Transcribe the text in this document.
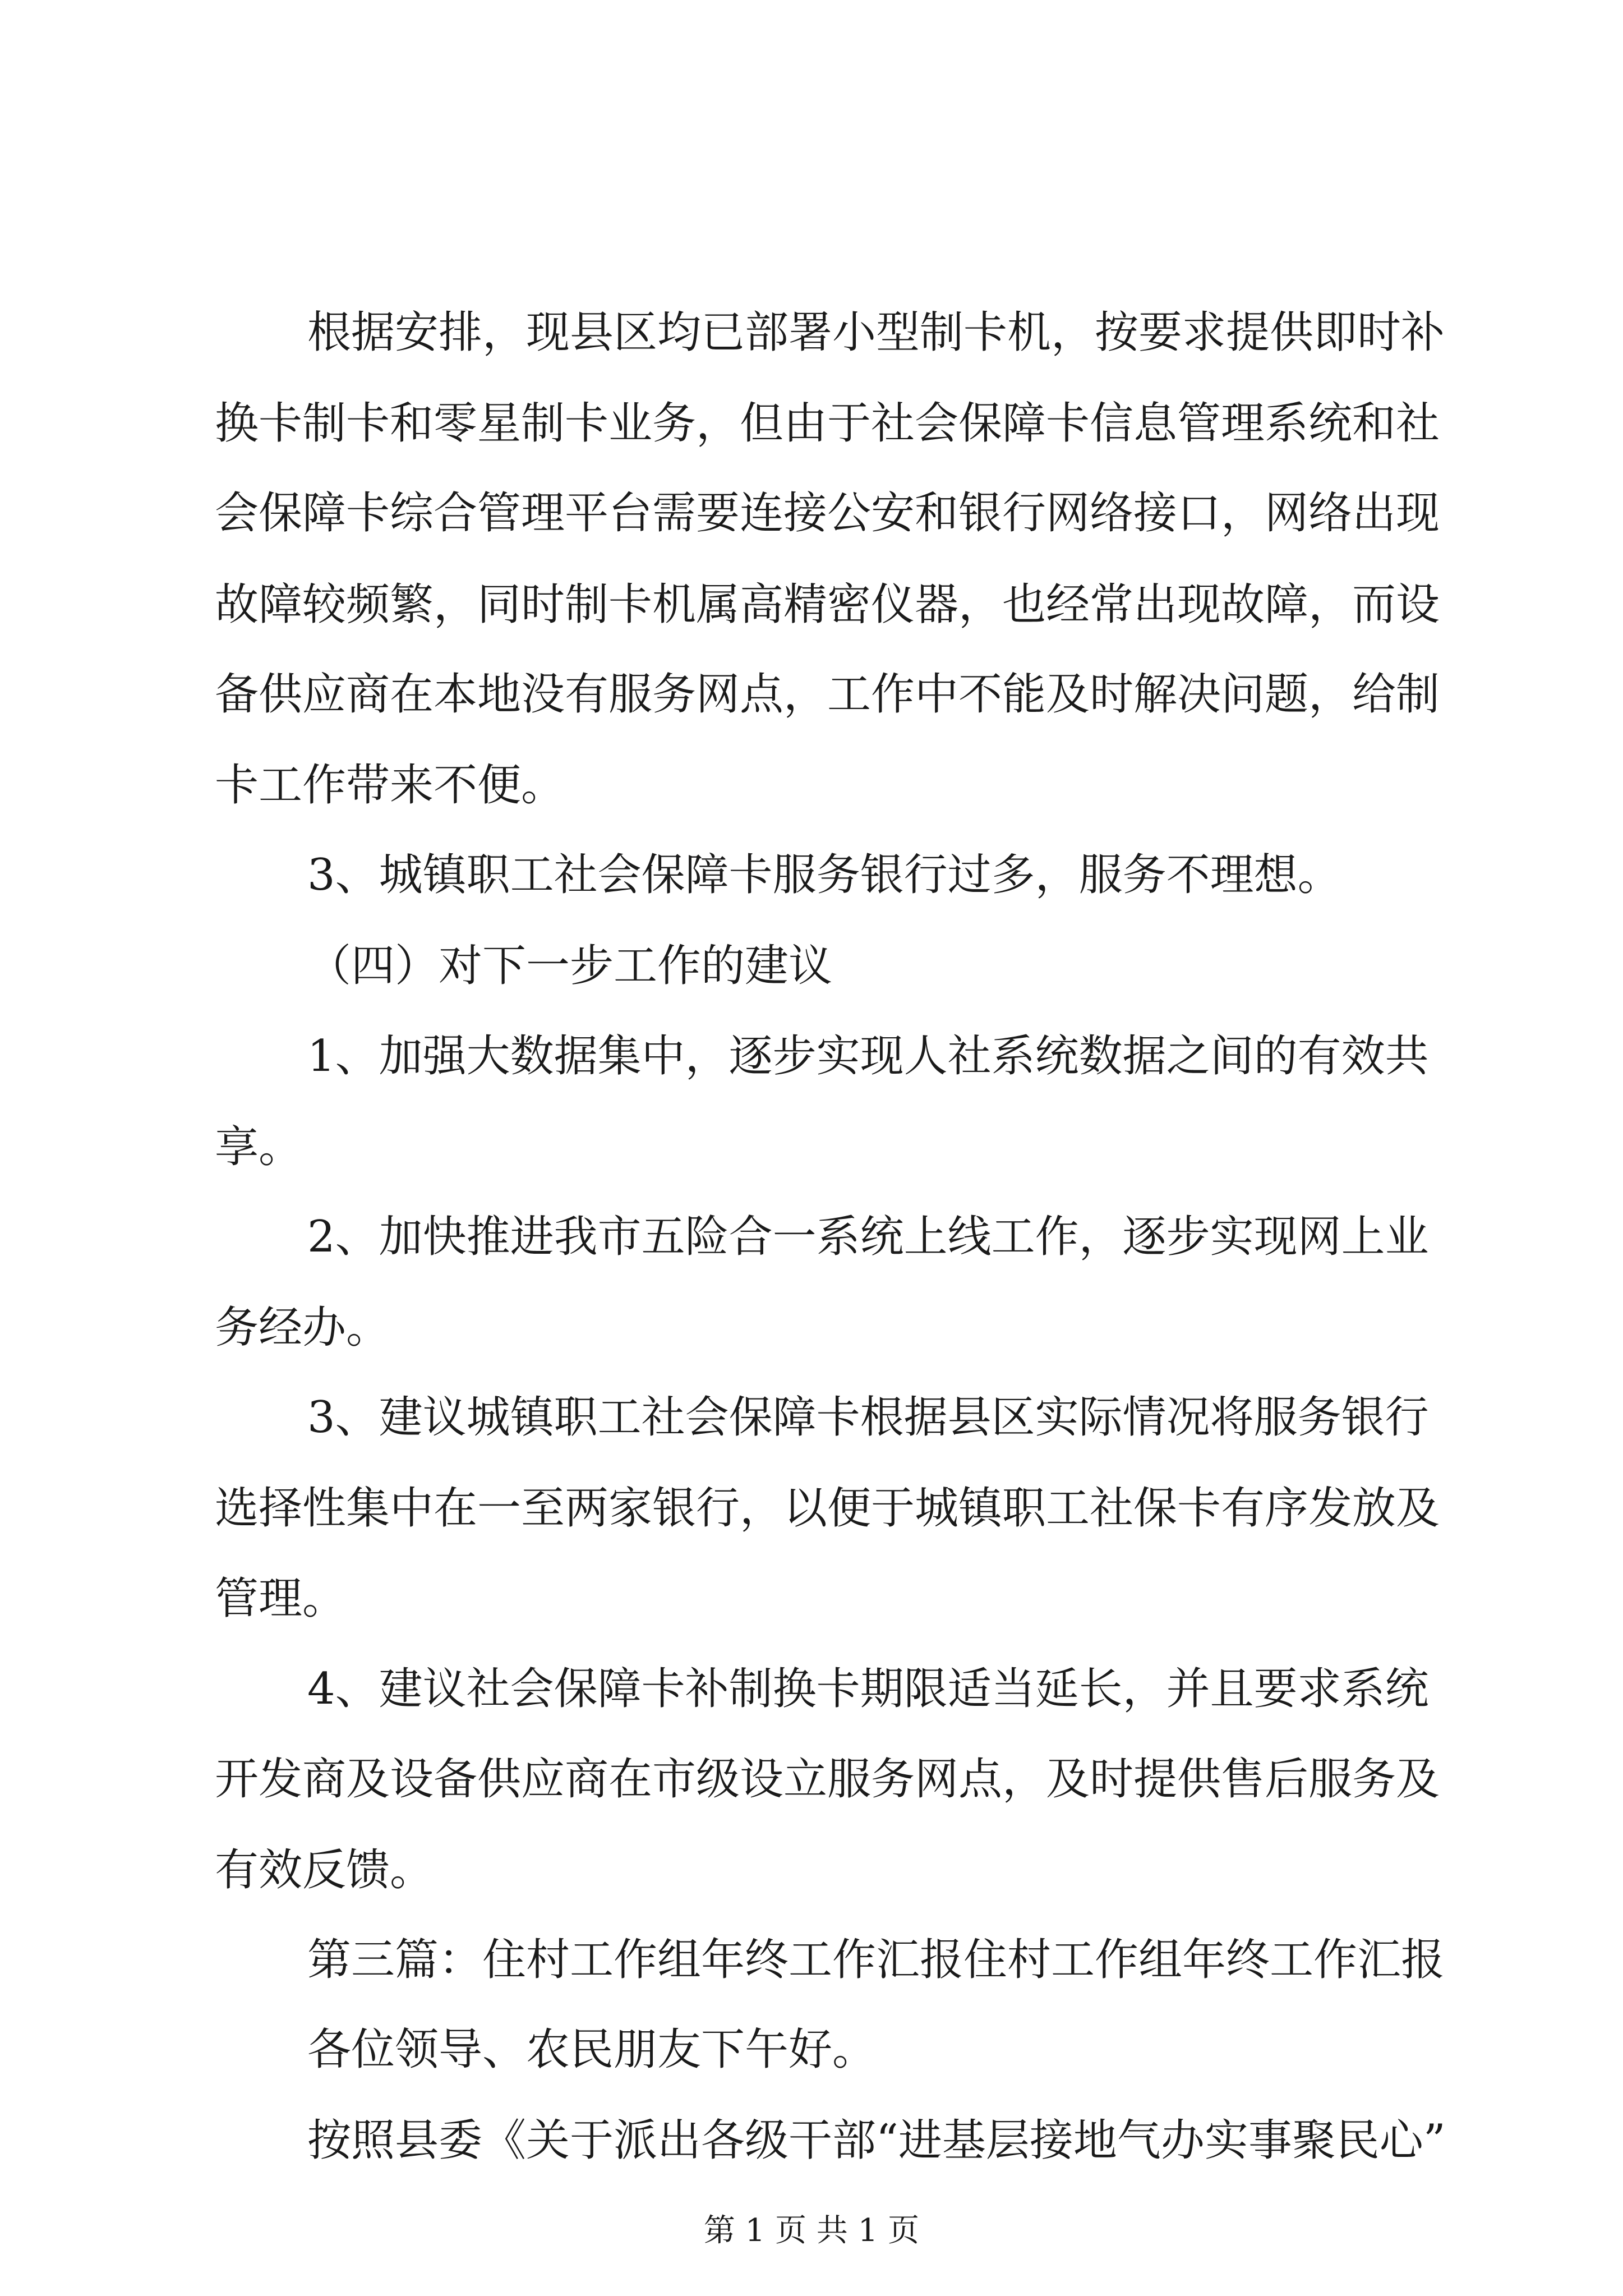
根据安排，现县区均已部署小型制卡机，按要求提供即时补
换卡制卡和零星制卡业务，但由于社会保障卡信息管理系统和社
会保障卡综合管理平台需要连接公安和银行网络接口，网络出现
故障较频繁，同时制卡机属高精密仪器，也经常出现故障，而设
备供应商在本地没有服务网点，工作中不能及时解决问题，给制
卡工作带来不便。
3、城镇职工社会保障卡服务银行过多，服务不理想。
（四）对下一步工作的建议
1、加强大数据集中，逐步实现人社系统数据之间的有效共
享。
2、加快推进我市五险合一系统上线工作，逐步实现网上业
务经办。
3、建议城镇职工社会保障卡根据县区实际情况将服务银行
选择性集中在一至两家银行，以便于城镇职工社保卡有序发放及
管理。
4、建议社会保障卡补制换卡期限适当延长，并且要求系统
开发商及设备供应商在市级设立服务网点，及时提供售后服务及
有效反馈。
第三篇：住村工作组年终工作汇报住村工作组年终工作汇报
各位领导、农民朋友下午好。
按照县委《关于派出各级干部“进基层接地气办实事聚民心”
第 1 页 共 1 页
